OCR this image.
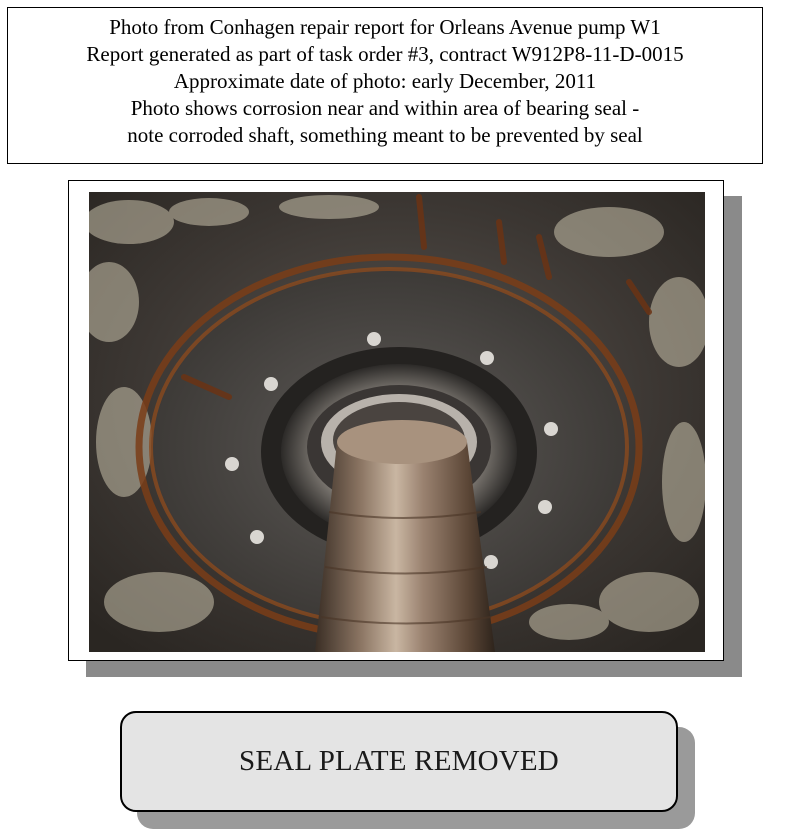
Photo from Conhagen repair report for Orleans Avenue pump W1

Report generated as part of task order #3, contract W912P8-11-D-0015

Approximate date of photo: early December, 2011

Photo shows corrosion near and within area of bearing seal -

note corroded shaft, something meant to be prevented by seal

SEAL PLATE REMOVED
